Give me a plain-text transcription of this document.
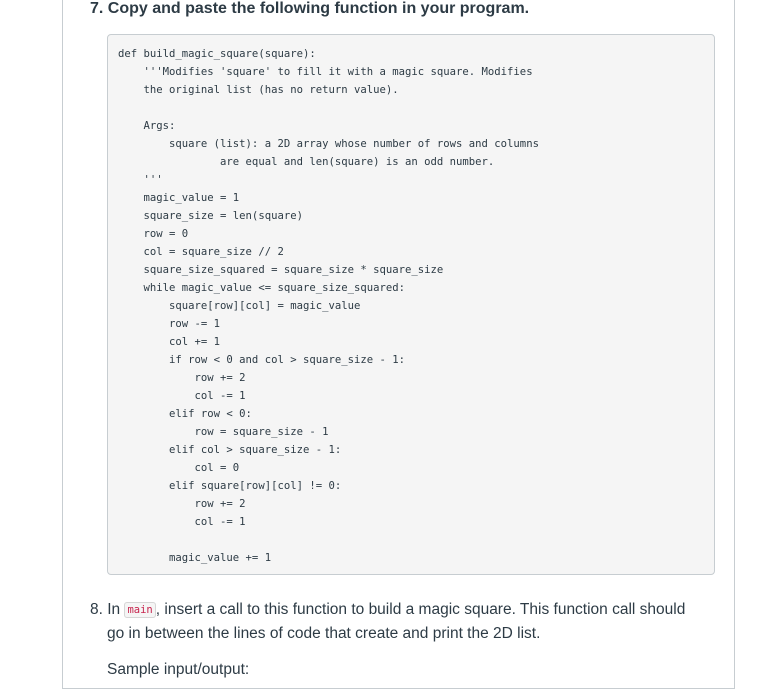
7. Copy and paste the following function in your program.
def build_magic_square(square):
'''Modifies 'square' to fill it with a magic square. Modifies
the original list (has no return value).
Args:
square (list): a 2D array whose number of rows and columns
are equal and len(square) is an odd number.
'''
magic_value = 1
square_size = len(square)
row = 0
col = square_size // 2
square_size_squared = square_size * square_size
while magic_value <= square_size_squared:
square[row][col] = magic_value
row -= 1
col += 1
if row < 0 and col > square_size - 1:
row += 2
col -= 1
elif row < 0:
row = square_size - 1
elif col > square_size - 1:
col = 0
elif square[row][col] != 0:
row += 2
col -= 1
magic_value += 1

8. In main , insert a call to this function to build a magic square. This function call should

go in between the lines of code that create and print the 2D list.

Sample input/output:
